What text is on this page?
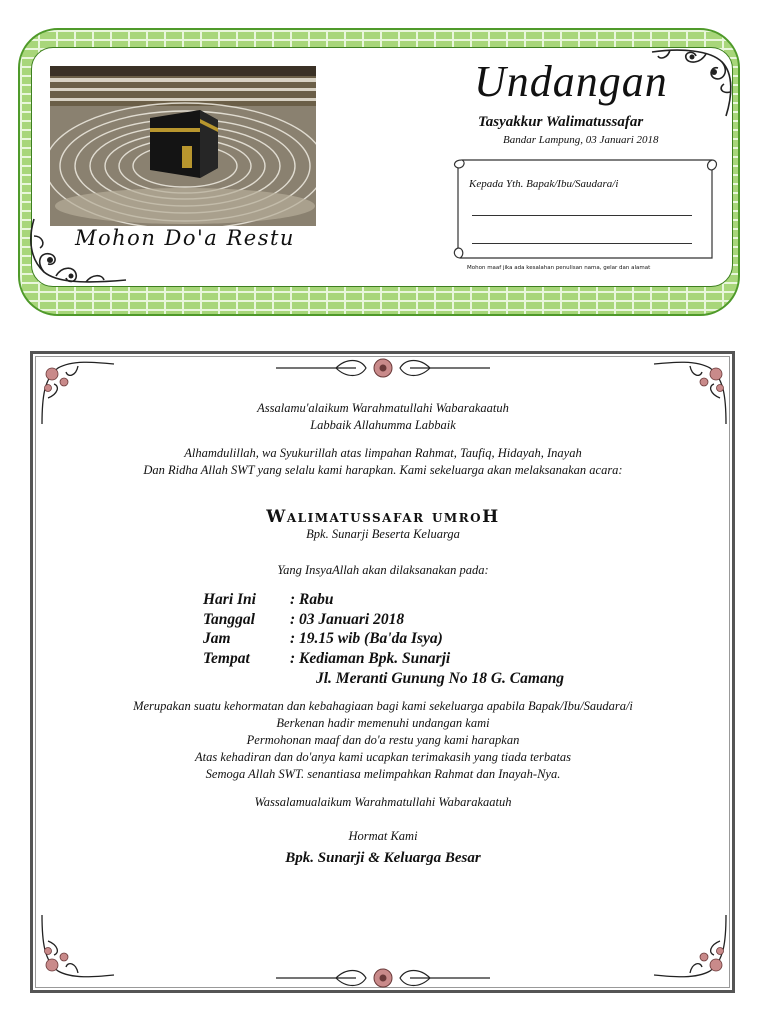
Mohon Do'a Restu
Undangan
Tasyakkur Walimatussafar
Bandar Lampung, 03 Januari 2018
Kepada Yth. Bapak/Ibu/Saudara/i
Mohon maaf jika ada kesalahan penulisan nama, gelar dan alamat
Assalamu'alaikum Warahmatullahi Wabarakaatuh
Labbaik Allahumma Labbaik
Alhamdulillah, wa Syukurillah atas limpahan Rahmat, Taufiq, Hidayah, Inayah
Dan Ridha Allah SWT yang selalu kami harapkan. Kami sekeluarga akan melaksanakan acara:
Walimatussafar umroH
Bpk. Sunarji Beserta Keluarga
Yang InsyaAllah akan dilaksanakan pada:
Hari Ini : Rabu
Tanggal : 03 Januari 2018
Jam	: 19.15 wib (Ba'da Isya)
Tempat	: Kediaman Bpk. Sunarji
Jl. Meranti Gunung No 18 G. Camang
Merupakan suatu kehormatan dan kebahagiaan bagi kami sekeluarga apabila Bapak/Ibu/Saudara/i
Berkenan hadir memenuhi undangan kami
Permohonan maaf dan do'a restu yang kami harapkan
Atas kehadiran dan do'anya kami ucapkan terimakasih yang tiada terbatas
Semoga Allah SWT. senantiasa melimpahkan Rahmat dan Inayah-Nya.
Wassalamualaikum Warahmatullahi Wabarakaatuh
Hormat Kami
Bpk. Sunarji & Keluarga Besar
